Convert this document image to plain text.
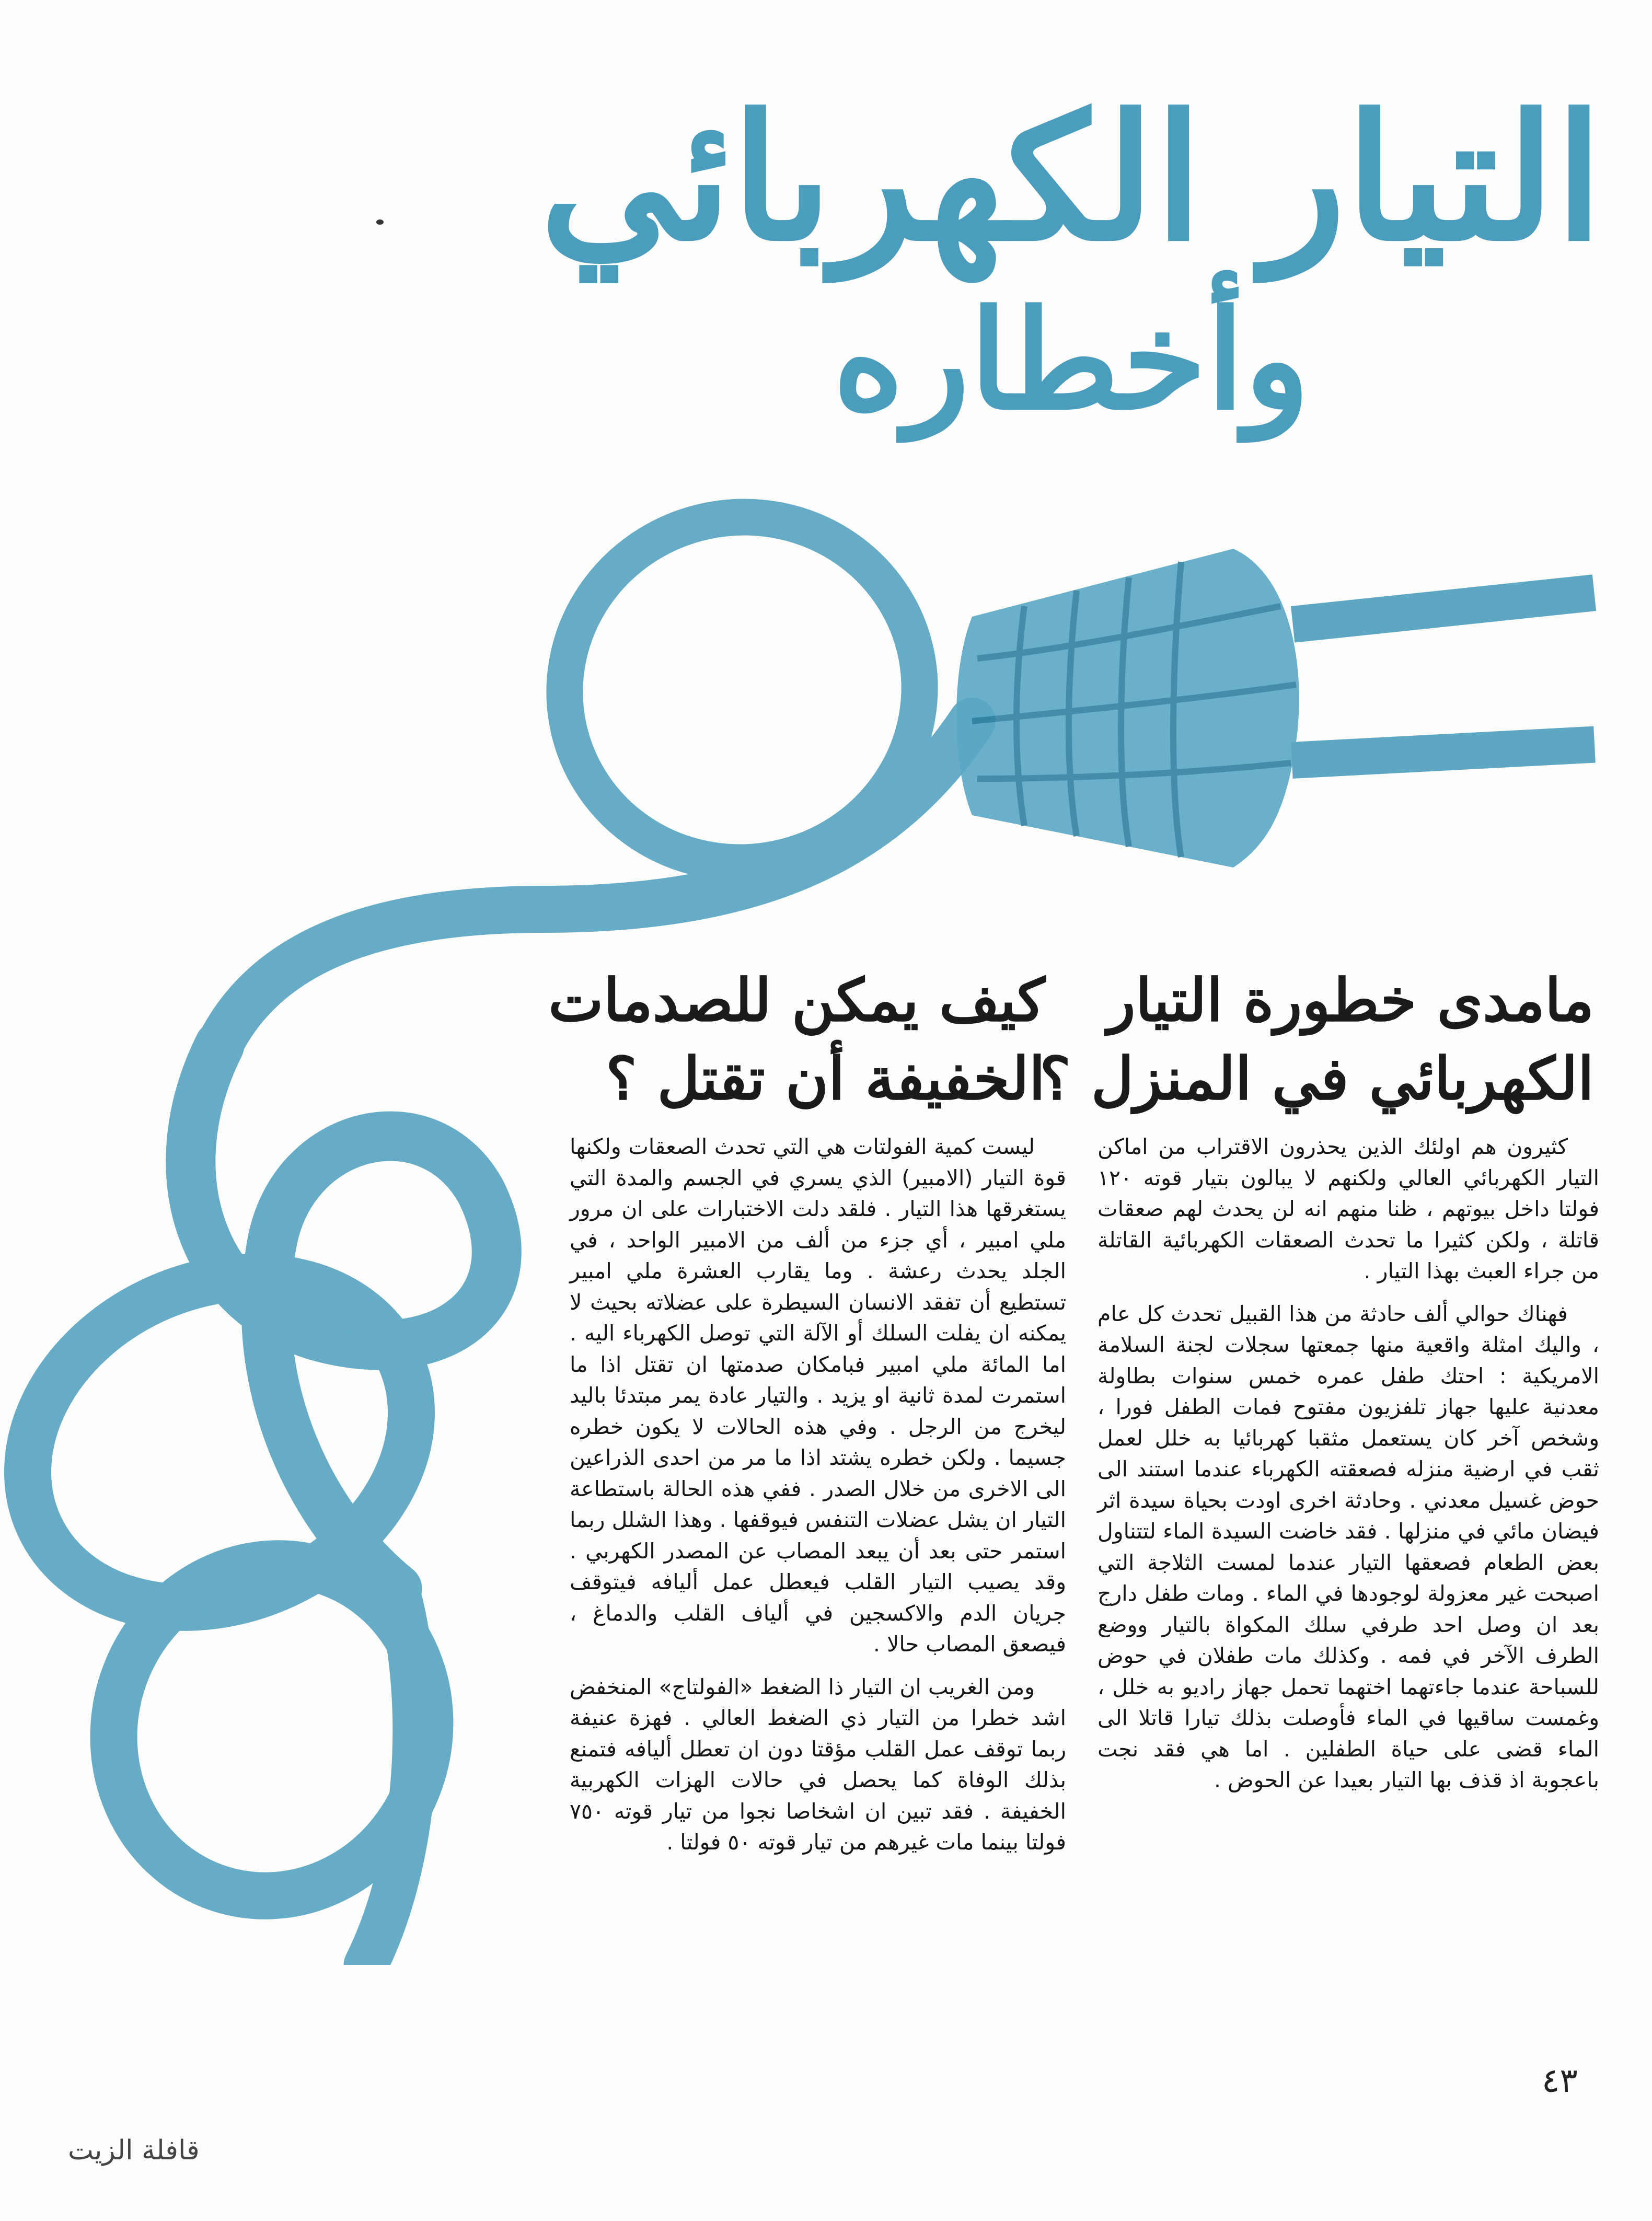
التيار الكهربائي
وأخطاره
مامدى خطورة التيار
الكهربائي في المنزل ؟

كثيرون هم اولئك الذين يحذرون الاقتراب من اماكن التيار الكهربائي العالي ولكنهم لا يبالون بتيار قوته ١٢٠ فولتا داخل بيوتهم ، ظنا منهم انه لن يحدث لهم صعقات قاتلة ، ولكن كثيرا ما تحدث الصعقات الكهربائية القاتلة من جراء العبث بهذا التيار .

فهناك حوالي ألف حادثة من هذا القبيل تحدث كل عام ، واليك امثلة واقعية منها جمعتها سجلات لجنة السلامة الامريكية : احتك طفل عمره خمس سنوات بطاولة معدنية عليها جهاز تلفزيون مفتوح فمات الطفل فورا ، وشخص آخر كان يستعمل مثقبا كهربائيا به خلل لعمل ثقب في ارضية منزله فصعقته الكهرباء عندما استند الى حوض غسيل معدني . وحادثة اخرى اودت بحياة سيدة اثر فيضان مائي في منزلها . فقد خاضت السيدة الماء لتتناول بعض الطعام فصعقها التيار عندما لمست الثلاجة التي اصبحت غير معزولة لوجودها في الماء . ومات طفل دارج بعد ان وصل احد طرفي سلك المكواة بالتيار ووضع الطرف الآخر في فمه . وكذلك مات طفلان في حوض للسباحة عندما جاءتهما اختهما تحمل جهاز راديو به خلل ، وغمست ساقيها في الماء فأوصلت بذلك تيارا قاتلا الى الماء قضى على حياة الطفلين . اما هي فقد نجت باعجوبة اذ قذف بها التيار بعيدا عن الحوض .

كيف يمكن للصدمات
الخفيفة أن تقتل ؟

ليست كمية الفولتات هي التي تحدث الصعقات ولكنها قوة التيار (الامبير) الذي يسري في الجسم والمدة التي يستغرقها هذا التيار . فلقد دلت الاختبارات على ان مرور ملي امبير ، أي جزء من ألف من الامبير الواحد ، في الجلد يحدث رعشة . وما يقارب العشرة ملي امبير تستطيع أن تفقد الانسان السيطرة على عضلاته بحيث لا يمكنه ان يفلت السلك أو الآلة التي توصل الكهرباء اليه . اما المائة ملي امبير فبامكان صدمتها ان تقتل اذا ما استمرت لمدة ثانية او يزيد . والتيار عادة يمر مبتدئا باليد ليخرج من الرجل . وفي هذه الحالات لا يكون خطره جسيما . ولكن خطره يشتد اذا ما مر من احدى الذراعين الى الاخرى من خلال الصدر . ففي هذه الحالة باستطاعة التيار ان يشل عضلات التنفس فيوقفها . وهذا الشلل ربما استمر حتى بعد أن يبعد المصاب عن المصدر الكهربي . وقد يصيب التيار القلب فيعطل عمل أليافه فيتوقف جريان الدم والاكسجين في ألياف القلب والدماغ ، فيصعق المصاب حالا .

ومن الغريب ان التيار ذا الضغط «الفولتاج» المنخفض اشد خطرا من التيار ذي الضغط العالي . فهزة عنيفة ربما توقف عمل القلب مؤقتا دون ان تعطل أليافه فتمنع بذلك الوفاة كما يحصل في حالات الهزات الكهربية الخفيفة . فقد تبين ان اشخاصا نجوا من تيار قوته ٧٥٠ فولتا بينما مات غيرهم من تيار قوته ٥٠ فولتا .

٤٣
قافلة الزيت
